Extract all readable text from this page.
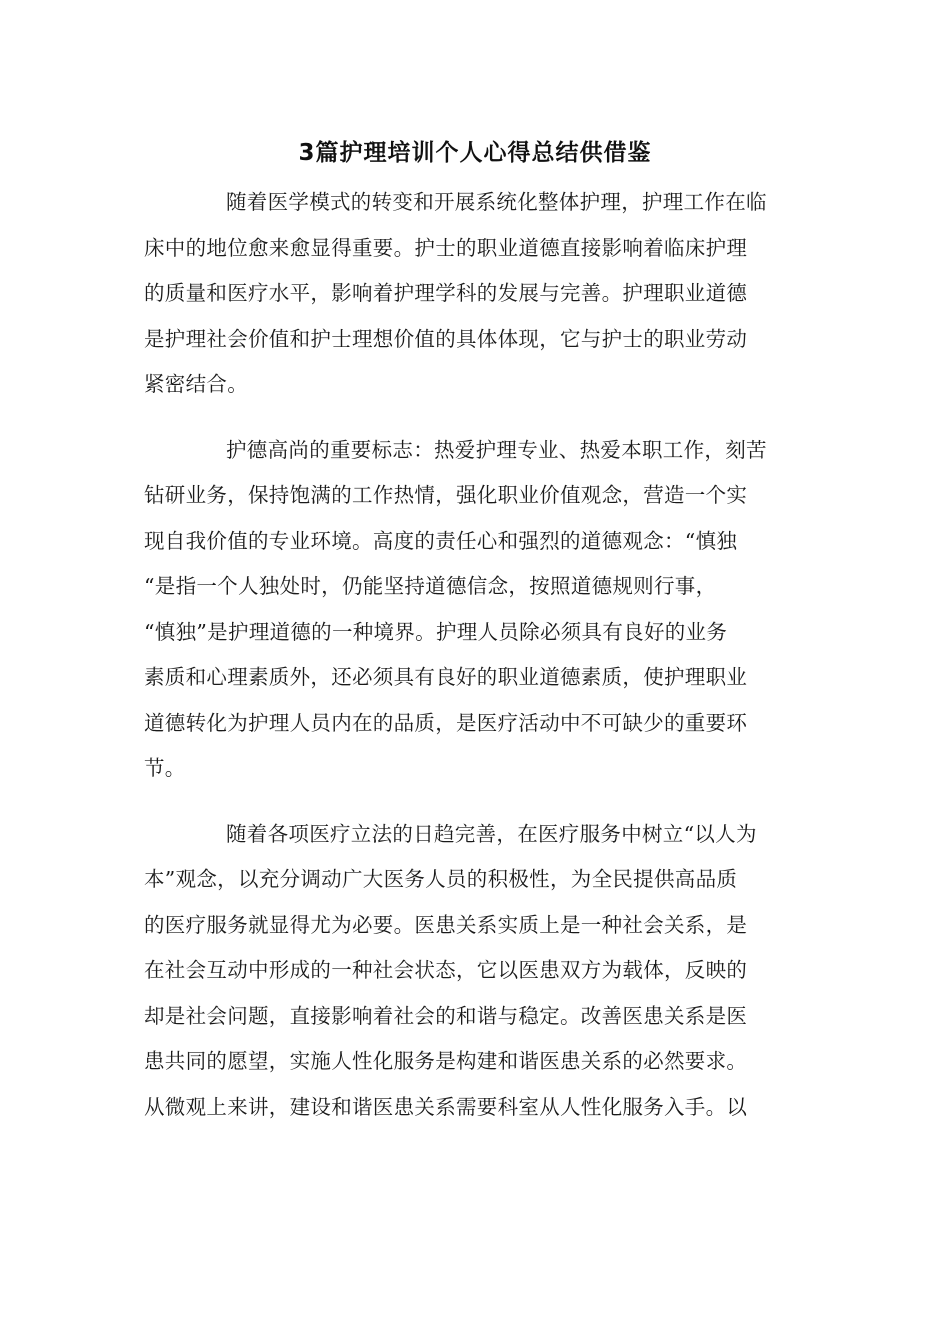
3篇护理培训个人心得总结供借鉴
随着医学模式的转变和开展系统化整体护理，护理工作在临
床中的地位愈来愈显得重要。护士的职业道德直接影响着临床护理
的质量和医疗水平，影响着护理学科的发展与完善。护理职业道德
是护理社会价值和护士理想价值的具体体现，它与护士的职业劳动
紧密结合。
护德高尚的重要标志：热爱护理专业、热爱本职工作，刻苦
钻研业务，保持饱满的工作热情，强化职业价值观念，营造一个实
现自我价值的专业环境。高度的责任心和强烈的道德观念：“慎独
“是指一个人独处时，仍能坚持道德信念，按照道德规则行事，
“慎独”是护理道德的一种境界。护理人员除必须具有良好的业务
素质和心理素质外，还必须具有良好的职业道德素质，使护理职业
道德转化为护理人员内在的品质，是医疗活动中不可缺少的重要环
节。
随着各项医疗立法的日趋完善，在医疗服务中树立“以人为
本”观念，以充分调动广大医务人员的积极性，为全民提供高品质
的医疗服务就显得尤为必要。医患关系实质上是一种社会关系，是
在社会互动中形成的一种社会状态，它以医患双方为载体，反映的
却是社会问题，直接影响着社会的和谐与稳定。改善医患关系是医
患共同的愿望，实施人性化服务是构建和谐医患关系的必然要求。
从微观上来讲，建设和谐医患关系需要科室从人性化服务入手。以
